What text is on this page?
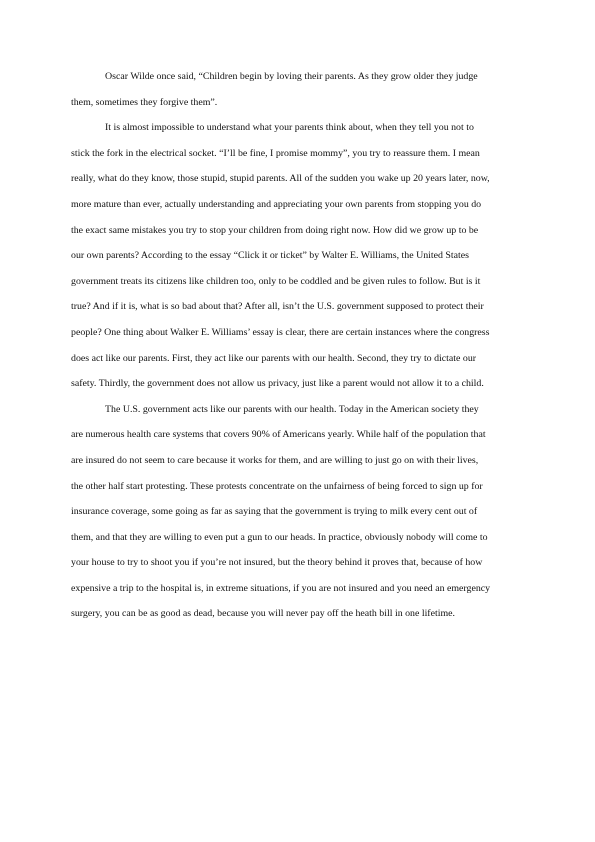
Oscar Wilde once said, “Children begin by loving their parents. As they grow older they judge
them, sometimes they forgive them”.
It is almost impossible to understand what your parents think about, when they tell you not to
stick the fork in the electrical socket. “I’ll be fine, I promise mommy”, you try to reassure them. I mean
really, what do they know, those stupid, stupid parents. All of the sudden you wake up 20 years later, now,
more mature than ever, actually understanding and appreciating your own parents from stopping you do
the exact same mistakes you try to stop your children from doing right now. How did we grow up to be
our own parents? According to the essay “Click it or ticket” by Walter E. Williams, the United States
government treats its citizens like children too, only to be coddled and be given rules to follow. But is it
true? And if it is, what is so bad about that? After all, isn’t the U.S. government supposed to protect their
people? One thing about Walker E. Williams’ essay is clear, there are certain instances where the congress
does act like our parents. First, they act like our parents with our health. Second, they try to dictate our
safety. Thirdly, the government does not allow us privacy, just like a parent would not allow it to a child.
The U.S. government acts like our parents with our health. Today in the American society they
are numerous health care systems that covers 90% of Americans yearly. While half of the population that
are insured do not seem to care because it works for them, and are willing to just go on with their lives,
the other half start protesting. These protests concentrate on the unfairness of being forced to sign up for
insurance coverage, some going as far as saying that the government is trying to milk every cent out of
them, and that they are willing to even put a gun to our heads. In practice, obviously nobody will come to
your house to try to shoot you if you’re not insured, but the theory behind it proves that, because of how
expensive a trip to the hospital is, in extreme situations, if you are not insured and you need an emergency
surgery, you can be as good as dead, because you will never pay off the heath bill in one lifetime.
